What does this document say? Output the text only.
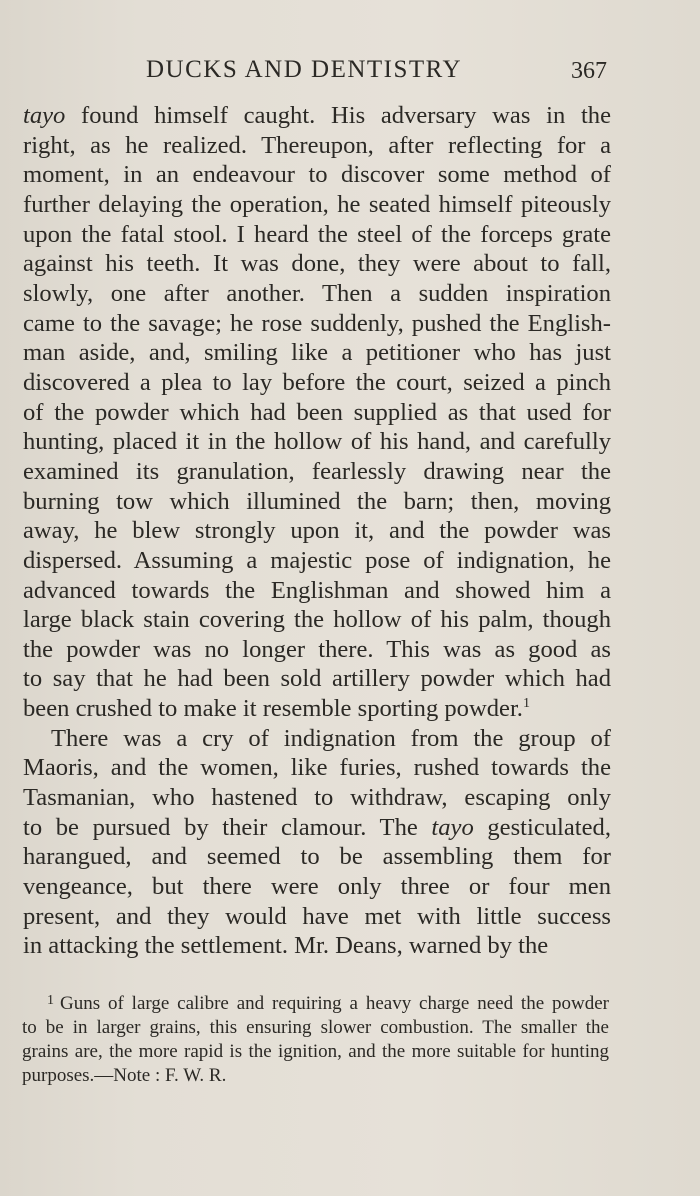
DUCKS AND DENTISTRY	367
tayo found himself caught. His adversary was in the
right, as he realized. Thereupon, after reflecting for a
moment, in an endeavour to discover some method of
further delaying the operation, he seated himself piteously
upon the fatal stool. I heard the steel of the forceps grate
against his teeth. It was done, they were about to fall,
slowly, one after another. Then a sudden inspiration
came to the savage; he rose suddenly, pushed the English-
man aside, and, smiling like a petitioner who has just
discovered a plea to lay before the court, seized a pinch
of the powder which had been supplied as that used for
hunting, placed it in the hollow of his hand, and carefully
examined its granulation, fearlessly drawing near the
burning tow which illumined the barn; then, moving
away, he blew strongly upon it, and the powder was
dispersed. Assuming a majestic pose of indignation, he
advanced towards the Englishman and showed him a
large black stain covering the hollow of his palm, though
the powder was no longer there. This was as good as
to say that he had been sold artillery powder which had
been crushed to make it resemble sporting powder.$^1$
There was a cry of indignation from the group of
Maoris, and the women, like furies, rushed towards the
Tasmanian, who hastened to withdraw, escaping only
to be pursued by their clamour. The tayo gesticulated,
harangued, and seemed to be assembling them for
vengeance, but there were only three or four men
present, and they would have met with little success
in attacking the settlement. Mr. Deans, warned by the
$^1$ Guns of large calibre and requiring a heavy charge need the powder
to be in larger grains, this ensuring slower combustion. The smaller the
grains are, the more rapid is the ignition, and the more suitable for hunting
purposes.—Note : F. W. R.
